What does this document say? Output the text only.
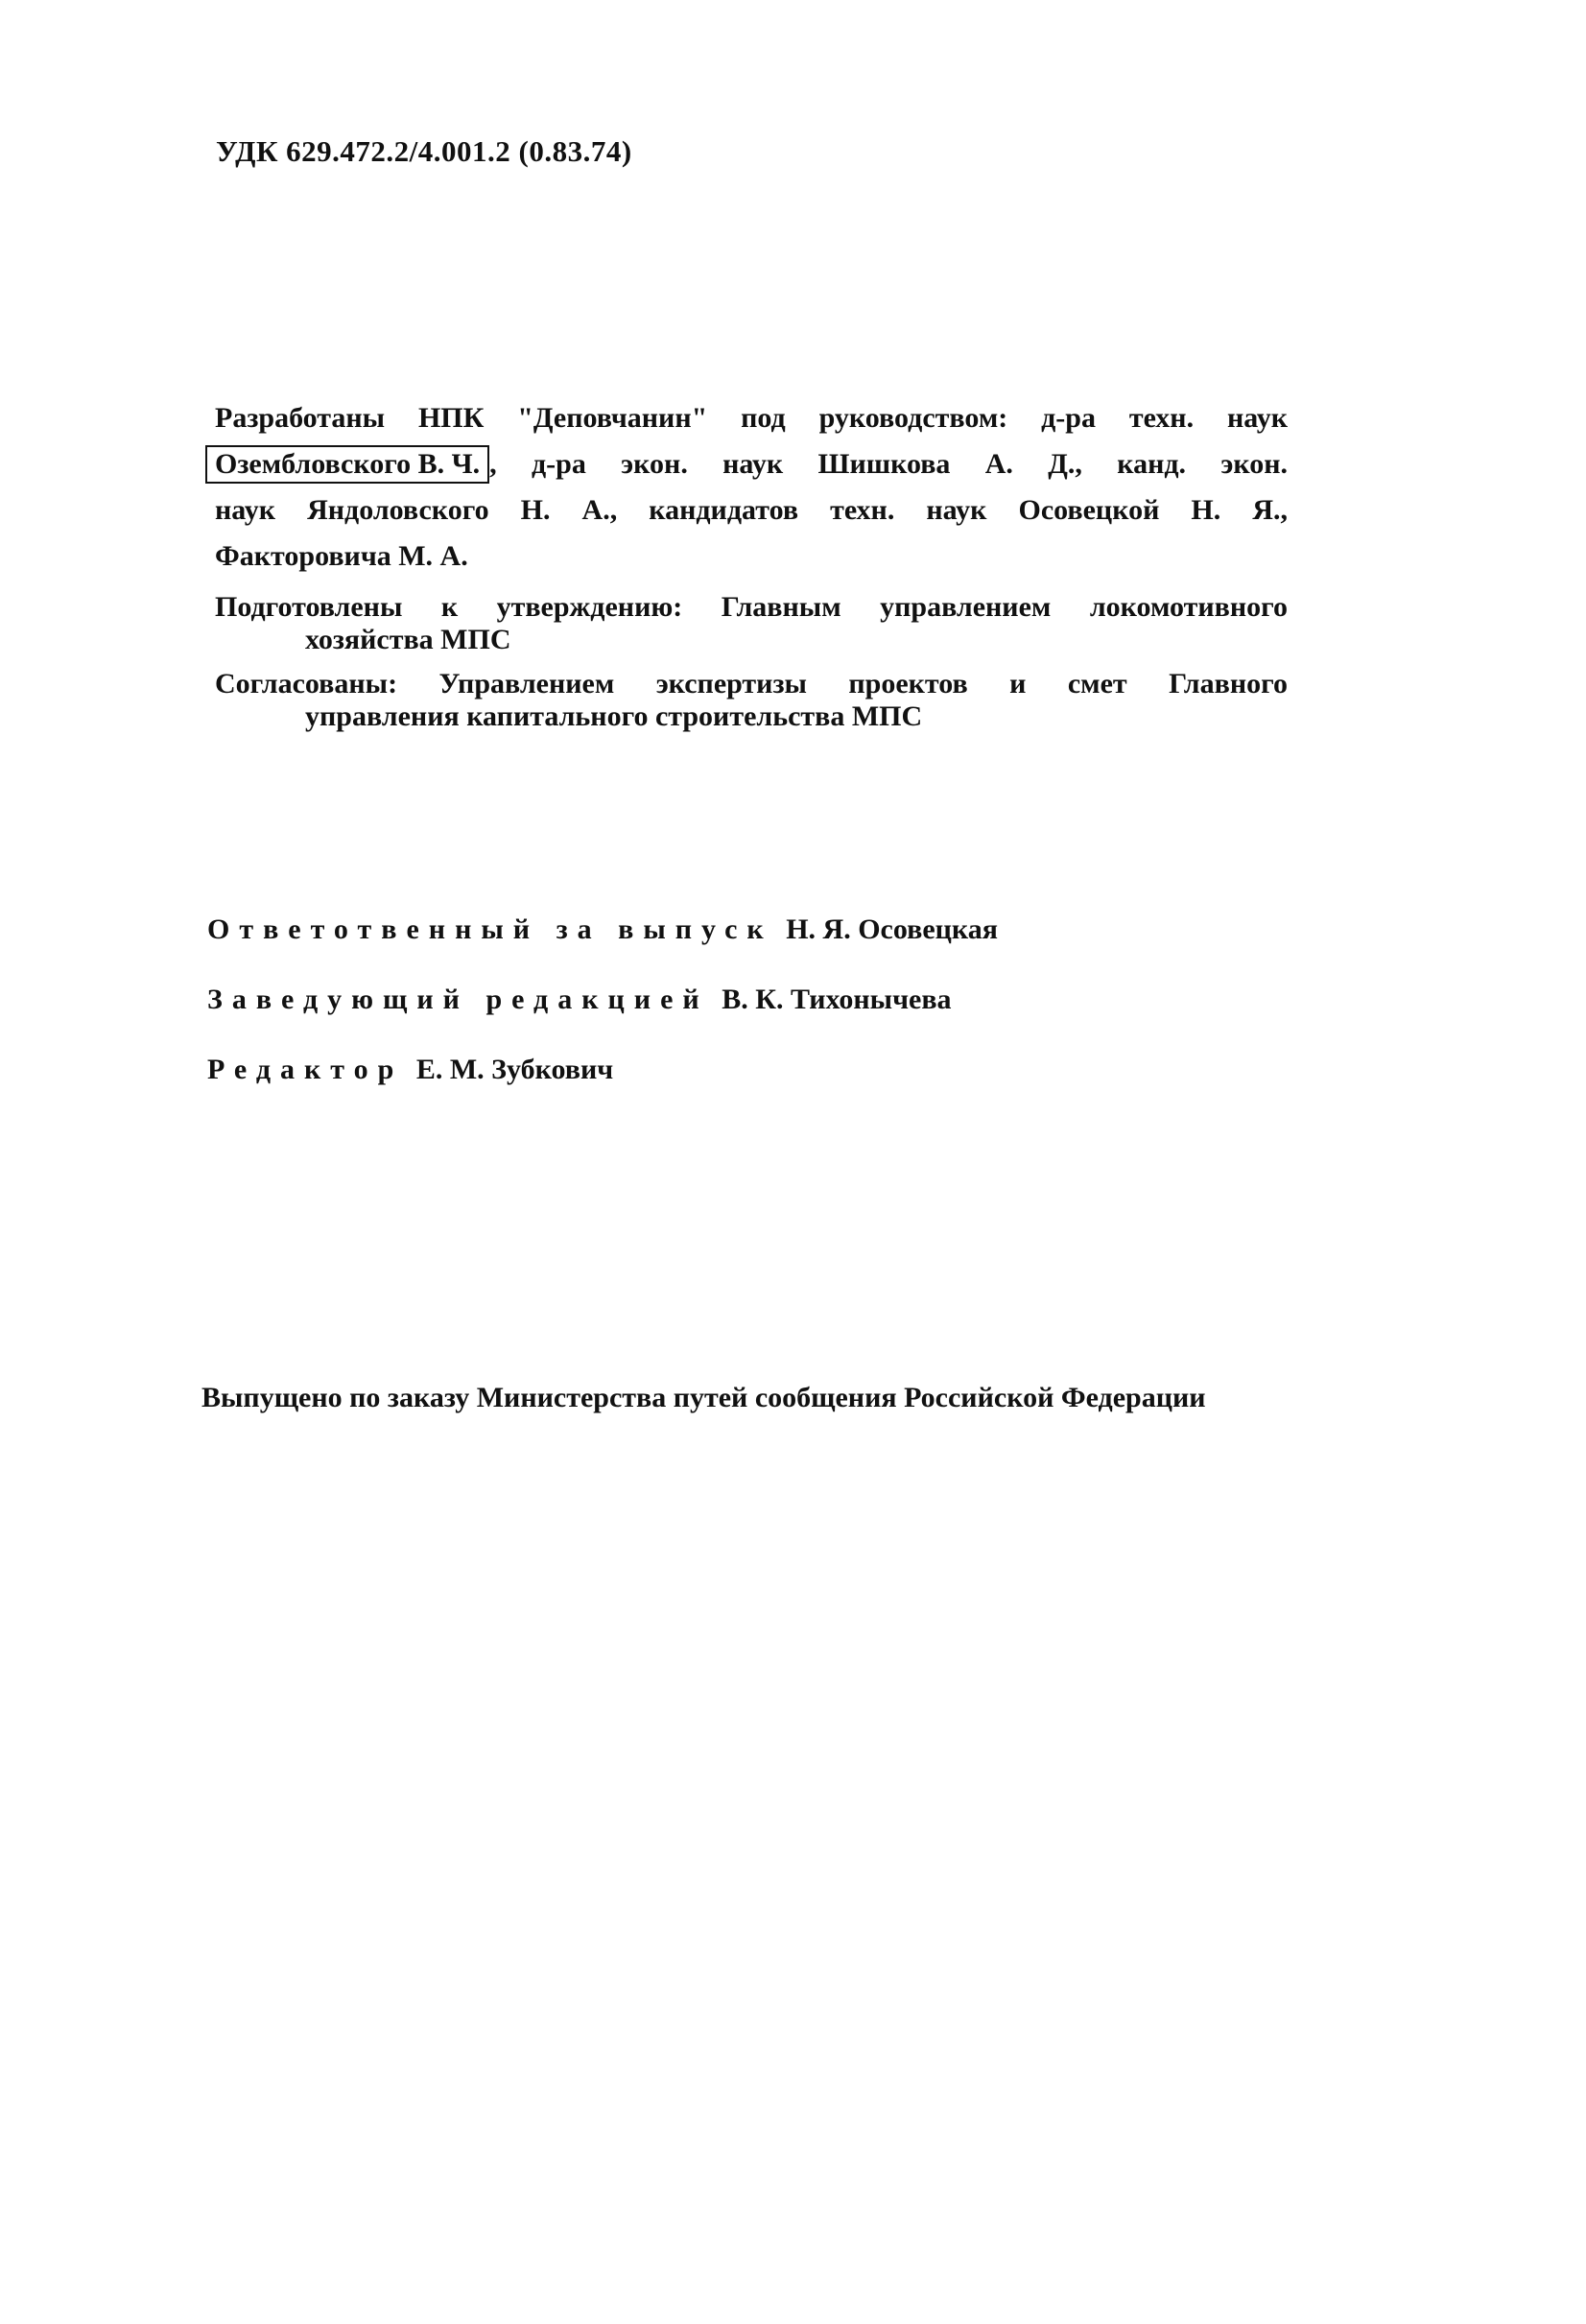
УДК 629.472.2/4.001.2 (0.83.74)

Разработаны НПК "Деповчанин" под руководством: д-ра техн. наук

Озембловского В. Ч. , д-ра экон. наук Шишкова А. Д., канд. экон.

наук Яндоловского Н. А., кандидатов техн. наук Осовецкой Н. Я.,

Факторовича М. А.

Подготовлены к утверждению: Главным управлением локомотивного
хозяйства МПС

Согласованы: Управлением экспертизы проектов и смет Главного
управления капитального строительства МПС

Ответотвенный за выпуск Н. Я. Осовецкая
Заведующий редакцией В. К. Тихонычева
Редактор Е. М. Зубкович
Выпущено по заказу Министерства путей сообщения Российской Федерации
